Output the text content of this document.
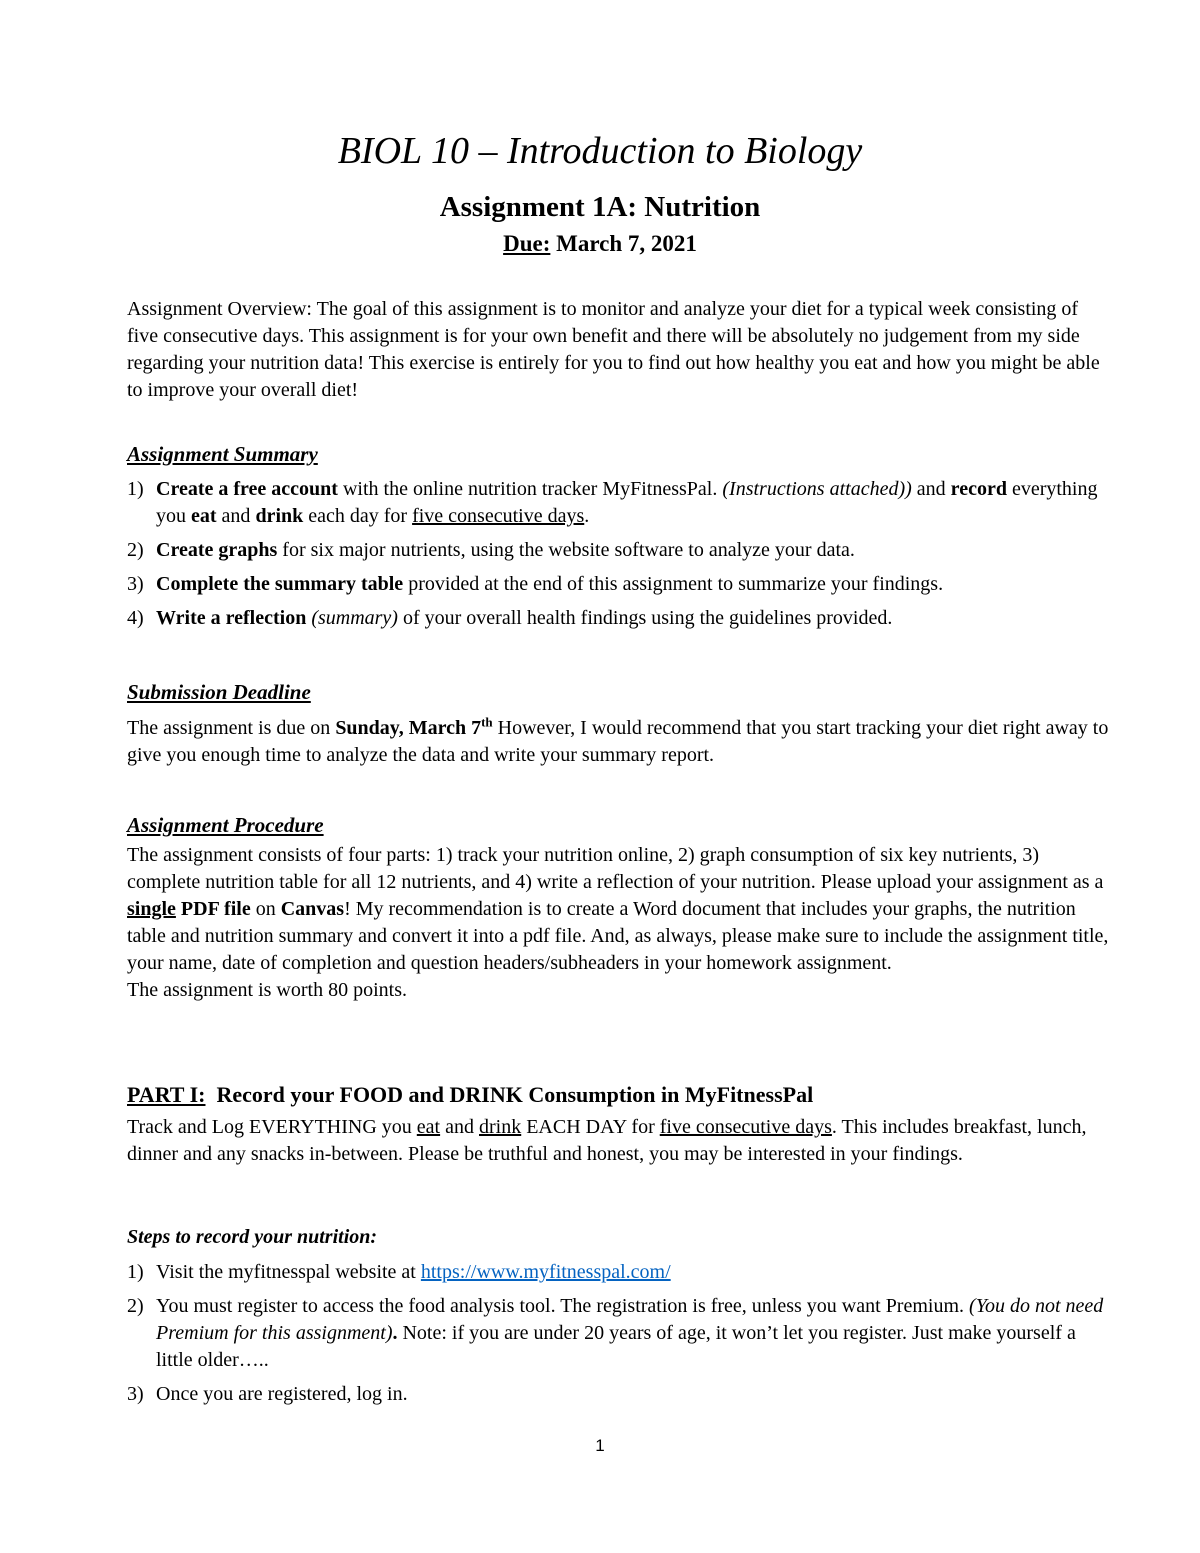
BIOL 10 – Introduction to Biology
Assignment 1A: Nutrition
Due: March 7, 2021

Assignment Overview: The goal of this assignment is to monitor and analyze your diet for a typical week consisting of five consecutive days. This assignment is for your own benefit and there will be absolutely no judgement from my side regarding your nutrition data! This exercise is entirely for you to find out how healthy you eat and how you might be able to improve your overall diet!

Assignment Summary
1) Create a free account with the online nutrition tracker MyFitnessPal. (Instructions attached)) and record everything you eat and drink each day for five consecutive days.
2) Create graphs for six major nutrients, using the website software to analyze your data.
3) Complete the summary table provided at the end of this assignment to summarize your findings.
4) Write a reflection (summary) of your overall health findings using the guidelines provided.
Submission Deadline

The assignment is due on Sunday, March 7th However, I would recommend that you start tracking your diet right away to give you enough time to analyze the data and write your summary report.

Assignment Procedure

The assignment consists of four parts: 1) track your nutrition online, 2) graph consumption of six key nutrients, 3) complete nutrition table for all 12 nutrients, and 4) write a reflection of your nutrition. Please upload your assignment as a single PDF file on Canvas! My recommendation is to create a Word document that includes your graphs, the nutrition table and nutrition summary and convert it into a pdf file. And, as always, please make sure to include the assignment title, your name, date of completion and question headers/subheaders in your homework assignment.

The assignment is worth 80 points.

PART I: Record your FOOD and DRINK Consumption in MyFitnessPal

Track and Log EVERYTHING you eat and drink EACH DAY for five consecutive days. This includes breakfast, lunch, dinner and any snacks in-between. Please be truthful and honest, you may be interested in your findings.

Steps to record your nutrition:
1) Visit the myfitnesspal website at https://www.myfitnesspal.com/
2) You must register to access the food analysis tool. The registration is free, unless you want Premium. (You do not need Premium for this assignment). Note: if you are under 20 years of age, it won’t let you register. Just make yourself a little older…..
3) Once you are registered, log in.
1
